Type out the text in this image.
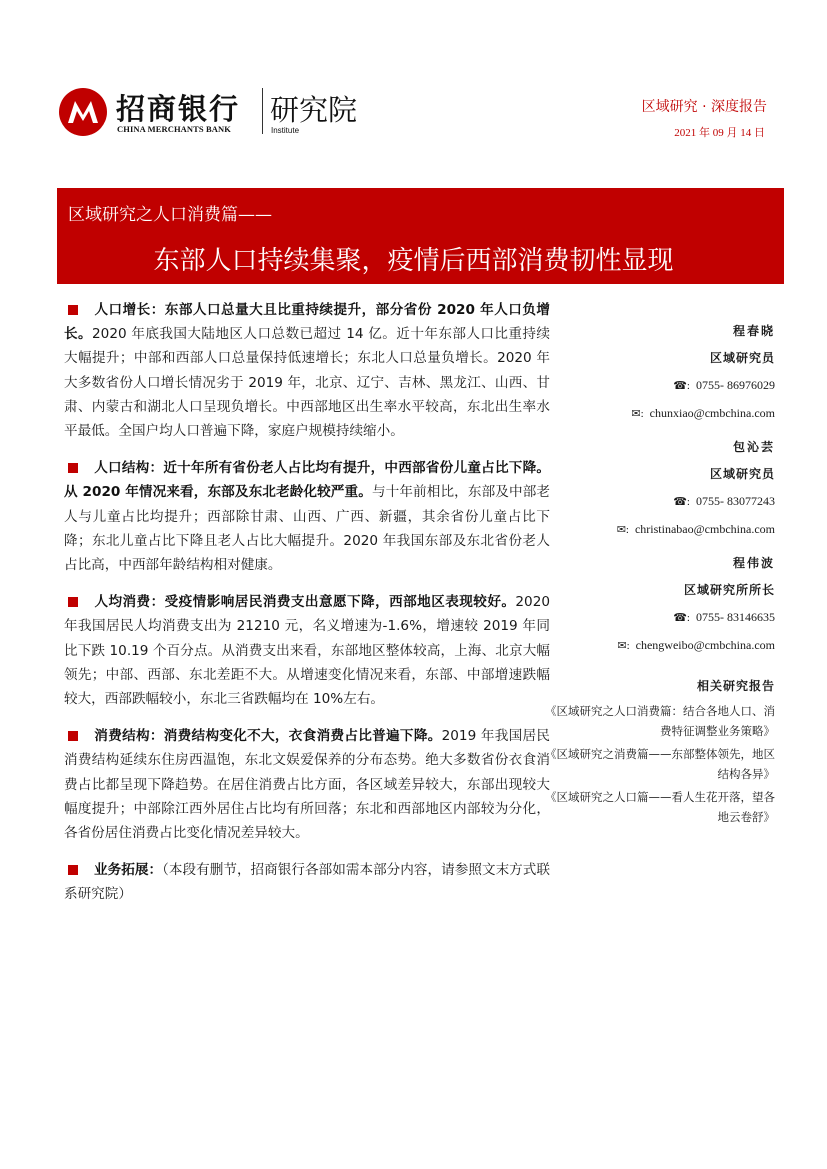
招商银行
CHINA MERCHANTS BANK
研究院
Institute
区域研究 · 深度报告
2021 年 09 月 14 日
区域研究之人口消费篇——
东部人口持续集聚，疫情后西部消费韧性显现

人口增长：东部人口总量大且比重持续提升，部分省份 2020 年人口负增长。2020 年底我国大陆地区人口总数已超过 14 亿。近十年东部人口比重持续大幅提升；中部和西部人口总量保持低速增长；东北人口总量负增长。2020 年大多数省份人口增长情况劣于 2019 年，北京、辽宁、吉林、黑龙江、山西、甘肃、内蒙古和湖北人口呈现负增长。中西部地区出生率水平较高，东北出生率水平最低。全国户均人口普遍下降，家庭户规模持续缩小。

人口结构：近十年所有省份老人占比均有提升，中西部省份儿童占比下降。从 2020 年情况来看，东部及东北老龄化较严重。与十年前相比，东部及中部老人与儿童占比均提升；西部除甘肃、山西、广西、新疆，其余省份儿童占比下降；东北儿童占比下降且老人占比大幅提升。2020 年我国东部及东北省份老人占比高，中西部年龄结构相对健康。

人均消费：受疫情影响居民消费支出意愿下降，西部地区表现较好。2020 年我国居民人均消费支出为 21210 元，名义增速为-1.6%，增速较 2019 年同比下跌 10.19 个百分点。从消费支出来看，东部地区整体较高，上海、北京大幅领先；中部、西部、东北差距不大。从增速变化情况来看，东部、中部增速跌幅较大，西部跌幅较小，东北三省跌幅均在 10%左右。

消费结构：消费结构变化不大，衣食消费占比普遍下降。2019 年我国居民消费结构延续东住房西温饱，东北文娱爱保养的分布态势。绝大多数省份衣食消费占比都呈现下降趋势。在居住消费占比方面，各区域差异较大，东部出现较大幅度提升；中部除江西外居住占比均有所回落；东北和西部地区内部较为分化，各省份居住消费占比变化情况差异较大。

业务拓展：（本段有删节，招商银行各部如需本部分内容，请参照文末方式联系研究院）

程春晓
区域研究员
☎: 0755- 86976029
✉: chunxiao@cmbchina.com
包沁芸
区域研究员
☎: 0755- 83077243
✉: christinabao@cmbchina.com
程伟波
区域研究所所长
☎: 0755- 83146635
✉: chengweibo@cmbchina.com
相关研究报告
《区域研究之人口消费篇：结合各地人口、消费特征调整业务策略》
《区域研究之消费篇——东部整体领先，地区结构各异》
《区域研究之人口篇——看人生花开落，望各地云卷舒》
